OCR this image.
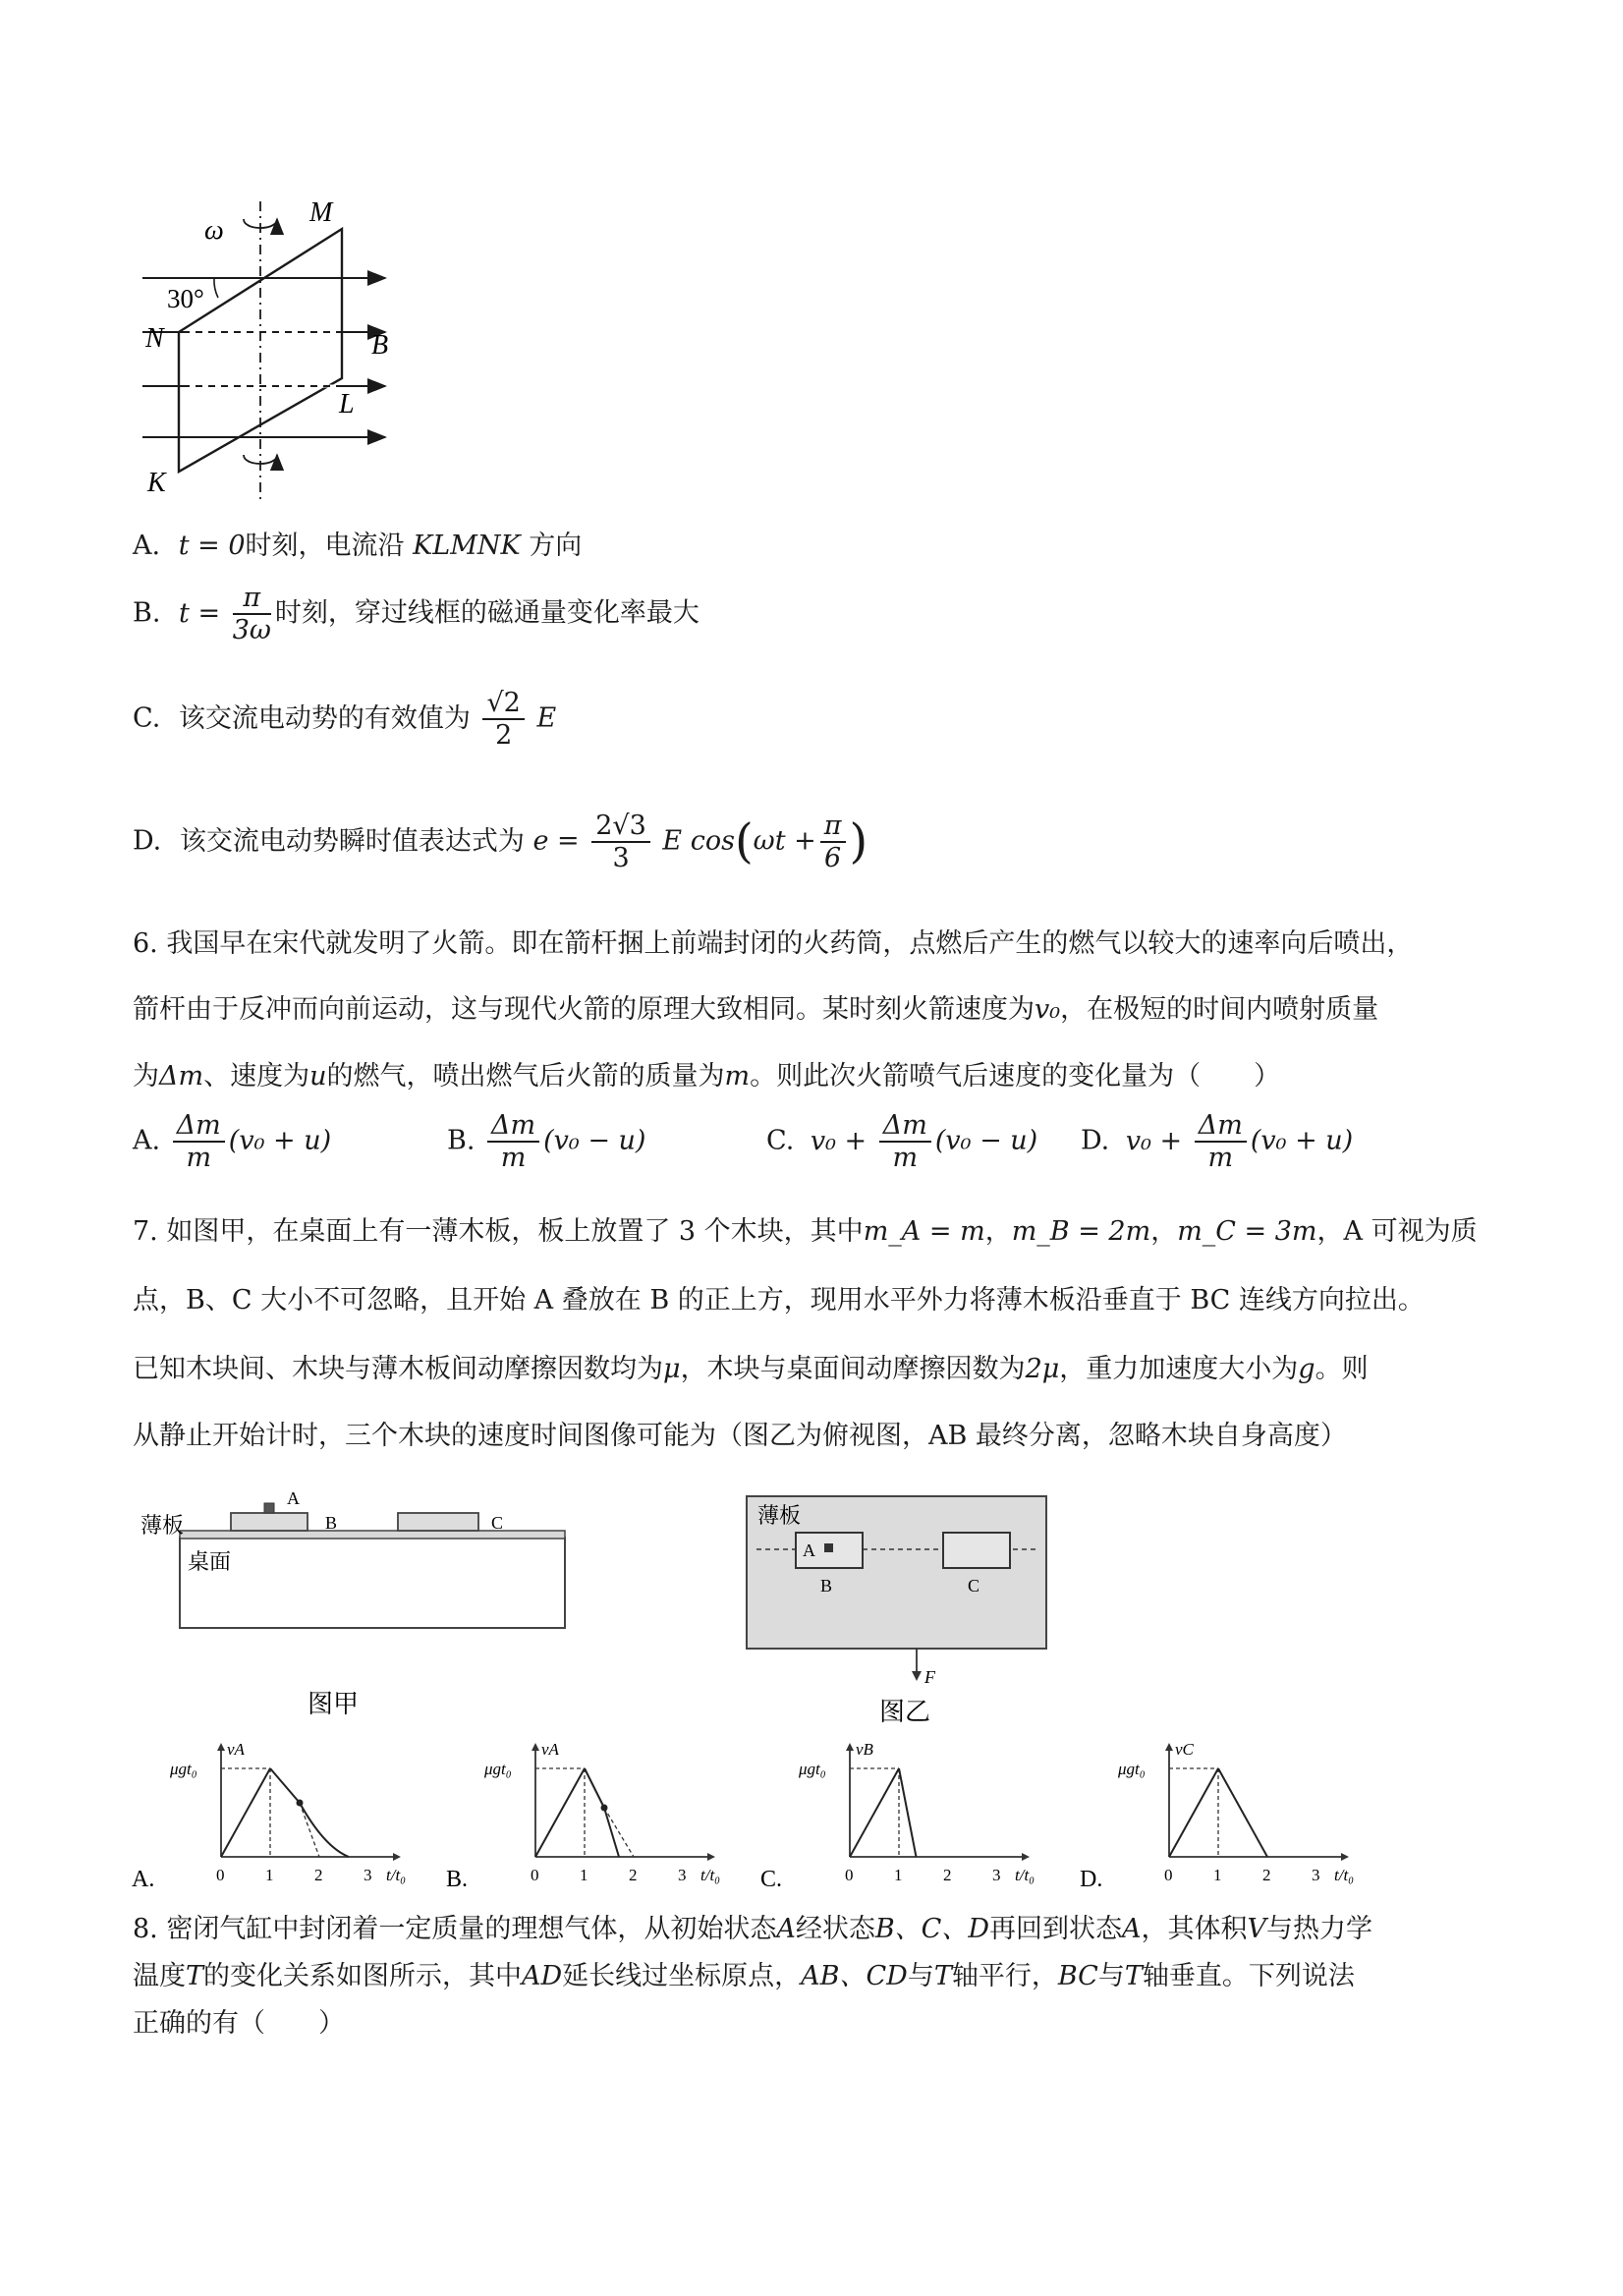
ω
30°
M
N	B
L
K
A. t = 0时刻，电流沿 KLMNK 方向
B. $t = \frac{\pi}{3\omega}$ 时刻，穿过线框的磁通量变化率最大
C. 该交流电动势的有效值为 $\frac{√2}{2}$ E
D. 该交流电动势瞬时值表达式为 $e = \frac{2√3}{3}$ E $\cos(\omega t + \frac{\pi}{6}$ )
6. 我国早在宋代就发明了火箭。即在箭杆捆上前端封闭的火药筒，点燃后产生的燃气以较大的速率向后喷出，
箭杆由于反冲而向前运动，这与现代火箭的原理大致相同。某时刻火箭速度为v₀，在极短的时间内喷射质量
为Δm、速度为u的燃气，喷出燃气后火箭的质量为m。则此次火箭喷气后速度的变化量为（　　）
A. $\frac{\Delta m}{m} (v_0 + u)$	B. $\frac{\Delta m}{m} (v_0 - u)$	C. $v_0 + \frac{\Delta m}{m} (v_0 - u)$ D. $v_0 + \frac{\Delta m}{m} (v_0 + u)$
7. 如图甲，在桌面上有一薄木板，板上放置了 3 个木块，其中m_A = m，m_B = 2m，m_C = 3m，A 可视为质
点，B、C 大小不可忽略，且开始 A 叠放在 B 的正上方，现用水平外力将薄木板沿垂直于 BC 连线方向拉出。
已知木块间、木块与薄木板间动摩擦因数均为μ，木块与桌面间动摩擦因数为2μ，重力加速度大小为g。则
从静止开始计时，三个木块的速度时间图像可能为（图乙为俯视图，AB 最终分离，忽略木块自身高度）
薄板
桌面
A
B	C
图甲
薄板
A
B	C
F
图乙
0 1 2 3 t/t₀
μgt₀
vA
A.	0 1 2 3 t/t₀
μgt₀
vA
B.	0 1 2 3 t/t₀
μgt₀
vB
C.	0 1 2 3 t/t₀
μgt₀
vC
D.
8. 密闭气缸中封闭着一定质量的理想气体，从初始状态A经状态B、C、D再回到状态A，其体积V与热力学
温度T的变化关系如图所示，其中AD延长线过坐标原点，AB、CD与T轴平行，BC与T轴垂直。下列说法
正确的有（　　）
